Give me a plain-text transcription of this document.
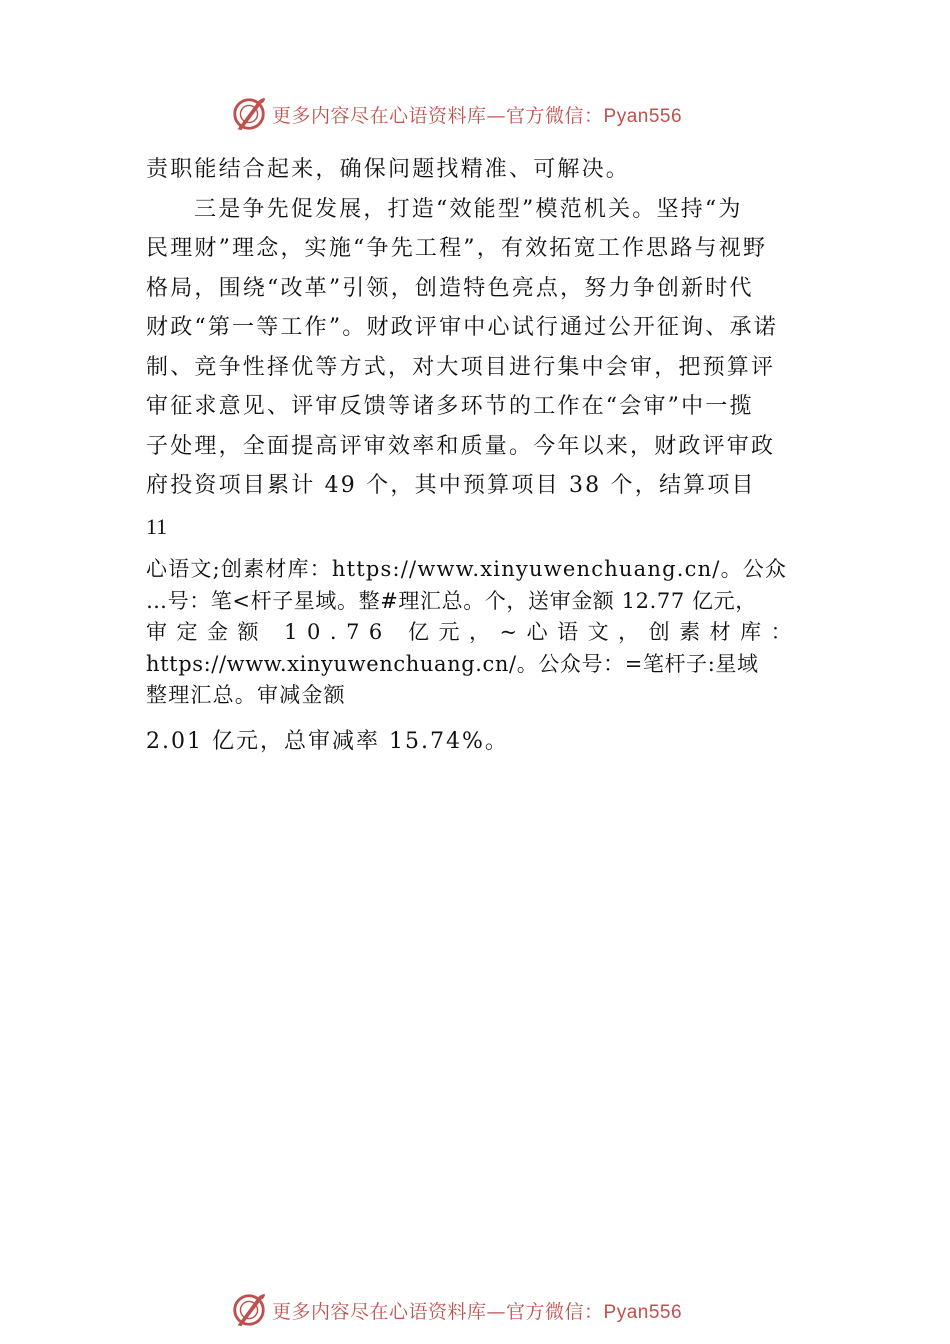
更多内容尽在心语资料库—官方微信：Pyan556
责职能结合起来，确保问题找精准、可解决。
三是争先促发展，打造“效能型”模范机关。坚持“为
民理财”理念，实施“争先工程”，有效拓宽工作思路与视野
格局，围绕“改革”引领，创造特色亮点，努力争创新时代
财政“第一等工作”。财政评审中心试行通过公开征询、承诺
制、竞争性择优等方式，对大项目进行集中会审，把预算评
审征求意见、评审反馈等诸多环节的工作在“会审”中一揽
子处理，全面提高评审效率和质量。今年以来，财政评审政
府投资项目累计 49 个，其中预算项目 38 个，结算项目
11
心语文;创素材库：https://www.xinyuwenchuang.cn/。公众
…号：笔<杆子星域。整#理汇总。个，送审金额 12.77 亿元，
审定金额 10.76 亿元，~心语文，创素材库：
https://www.xinyuwenchuang.cn/。公众号：=笔杆子:星域
整理汇总。审减金额
2.01 亿元，总审减率 15.74%。
更多内容尽在心语资料库—官方微信：Pyan556
